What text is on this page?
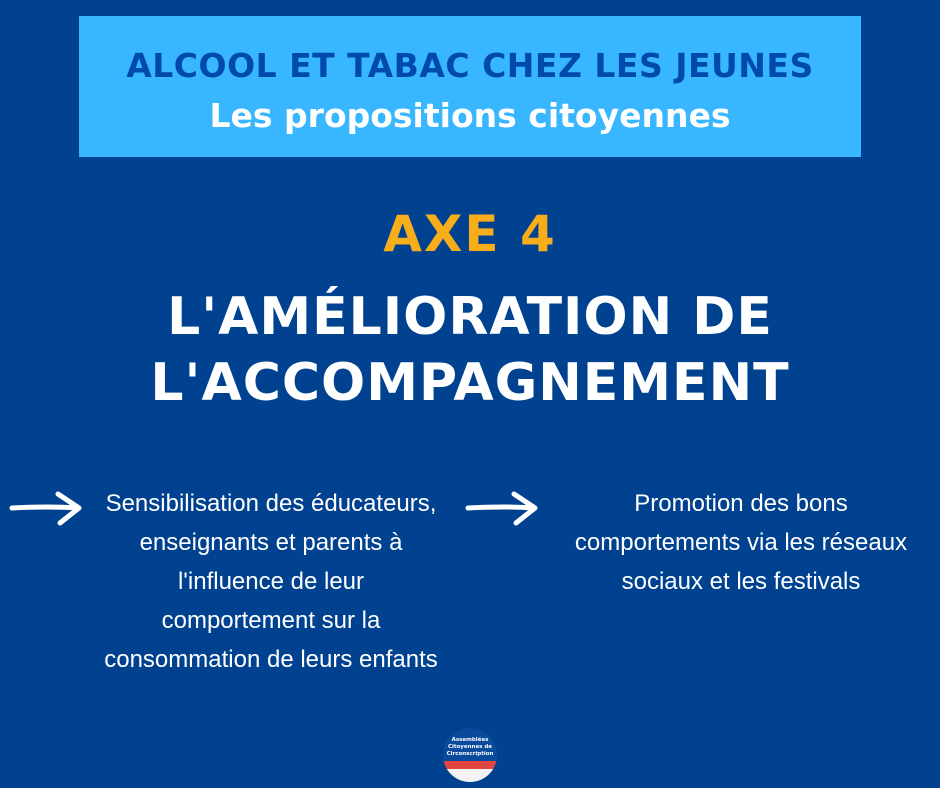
ALCOOL ET TABAC CHEZ LES JEUNES
Les propositions citoyennes
AXE 4
L'AMÉLIORATION DE
L'ACCOMPAGNEMENT
Sensibilisation des éducateurs, enseignants et parents à l'influence de leur comportement sur la consommation de leurs enfants
Promotion des bons comportements via les réseaux sociaux et les festivals
Assemblées
Citoyennes de
Circonscription
